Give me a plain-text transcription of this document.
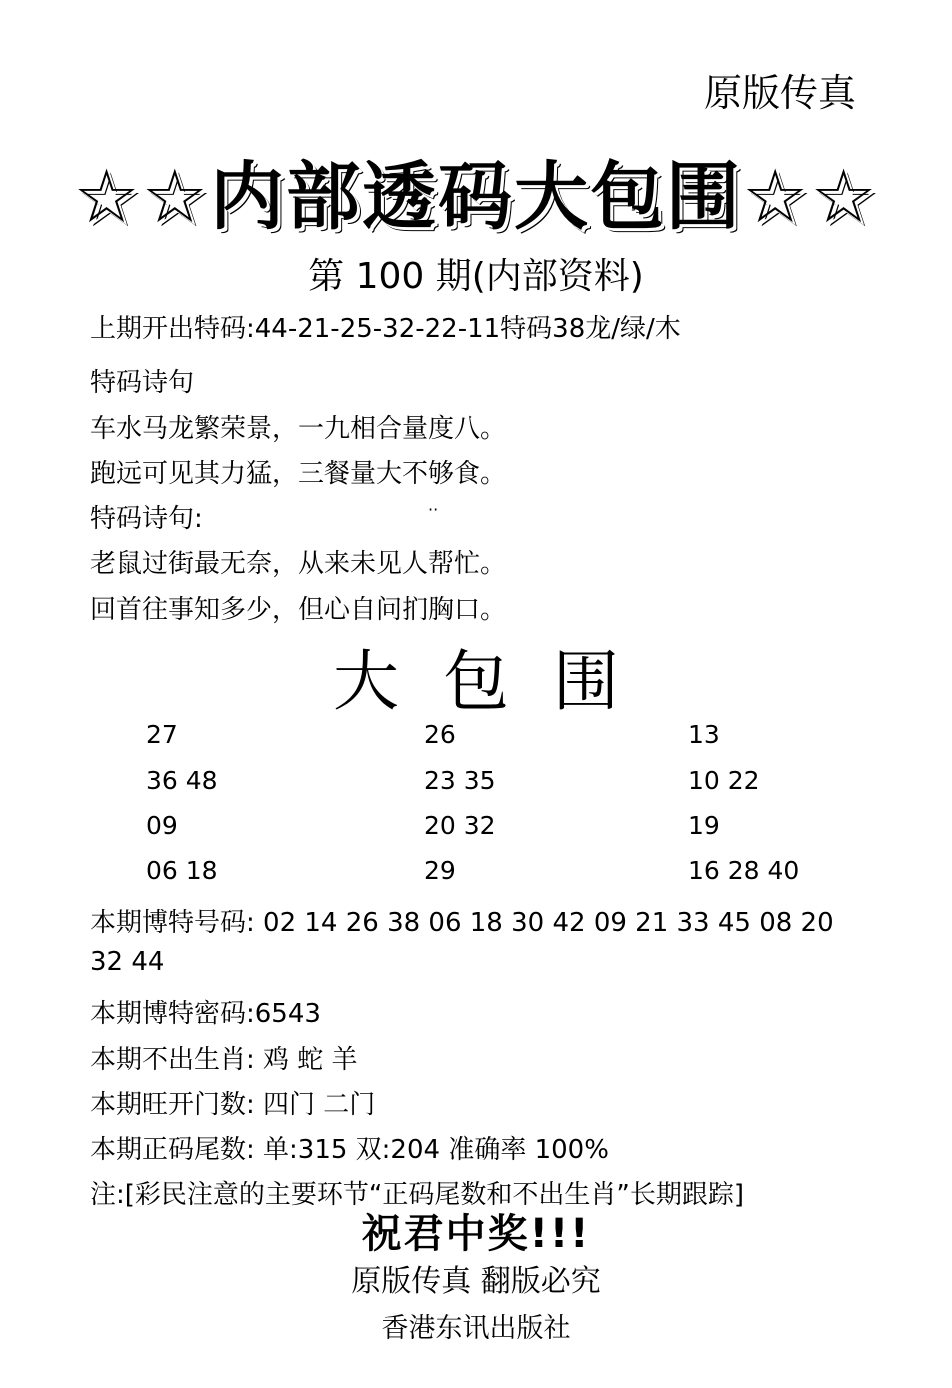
原版传真
☆☆内部透码大包围☆☆
第 100 期(内部资料)
上期开出特码:44-21-25-32-22-11特码38龙/绿/木
特码诗句
车水马龙繁荣景，一九相合量度八。
跑远可见其力猛，三餐量大不够食。
特码诗句:	··
老鼠过街最无奈，从来未见人帮忙。
回首往事知多少，但心自问扪胸口。
大包围
27	26	13
36 48	23 35	10 22
09	20 32	19
06 18	29	16 28 40
本期博特号码: 02 14 26 38 06 18 30 42 09 21 33 45 08 20
32 44
本期博特密码:6543
本期不出生肖: 鸡 蛇 羊
本期旺开门数: 四门 二门
本期正码尾数: 单:315 双:204 准确率 100%
注:[彩民注意的主要环节“正码尾数和不出生肖”长期跟踪]
祝君中奖!!!
原版传真 翻版必究
香港东讯出版社
